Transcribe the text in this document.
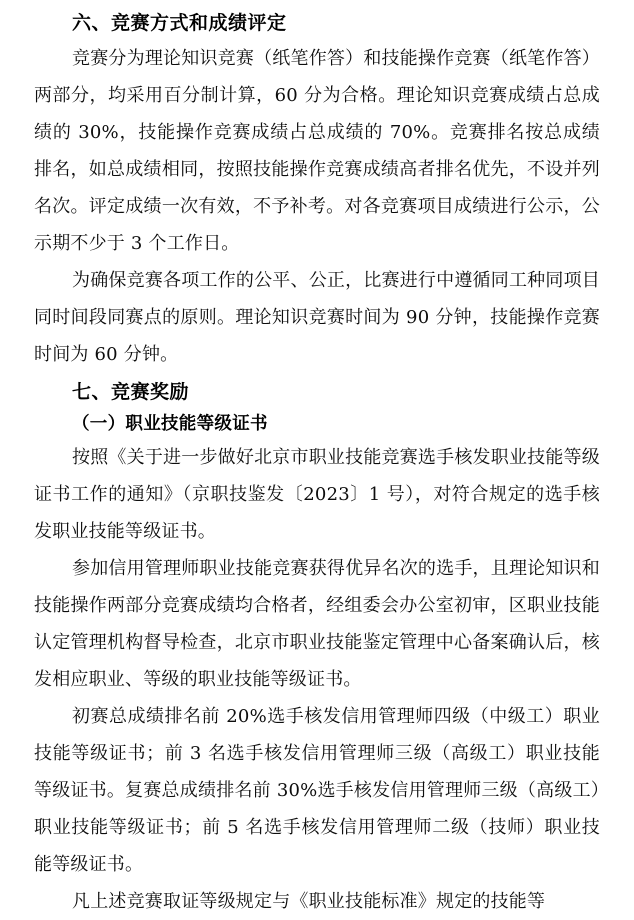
六、竞赛方式和成绩评定

竞赛分为理论知识竞赛（纸笔作答）和技能操作竞赛（纸笔作答）两部分，均采用百分制计算，60 分为合格。理论知识竞赛成绩占总成绩的 30%，技能操作竞赛成绩占总成绩的 70%。竞赛排名按总成绩排名，如总成绩相同，按照技能操作竞赛成绩高者排名优先，不设并列名次。评定成绩一次有效，不予补考。对各竞赛项目成绩进行公示，公示期不少于 3 个工作日。

为确保竞赛各项工作的公平、公正，比赛进行中遵循同工种同项目同时间段同赛点的原则。理论知识竞赛时间为 90 分钟，技能操作竞赛时间为 60 分钟。

七、竞赛奖励
（一）职业技能等级证书

按照《关于进一步做好北京市职业技能竞赛选手核发职业技能等级证书工作的通知》（京职技鉴发〔2023〕1 号），对符合规定的选手核发职业技能等级证书。

参加信用管理师职业技能竞赛获得优异名次的选手，且理论知识和技能操作两部分竞赛成绩均合格者，经组委会办公室初审，区职业技能认定管理机构督导检查，北京市职业技能鉴定管理中心备案确认后，核发相应职业、等级的职业技能等级证书。

初赛总成绩排名前 20%选手核发信用管理师四级（中级工）职业技能等级证书；前 3 名选手核发信用管理师三级（高级工）职业技能等级证书。复赛总成绩排名前 30%选手核发信用管理师三级（高级工）职业技能等级证书；前 5 名选手核发信用管理师二级（技师）职业技能等级证书。

凡上述竞赛取证等级规定与《职业技能标准》规定的技能等
